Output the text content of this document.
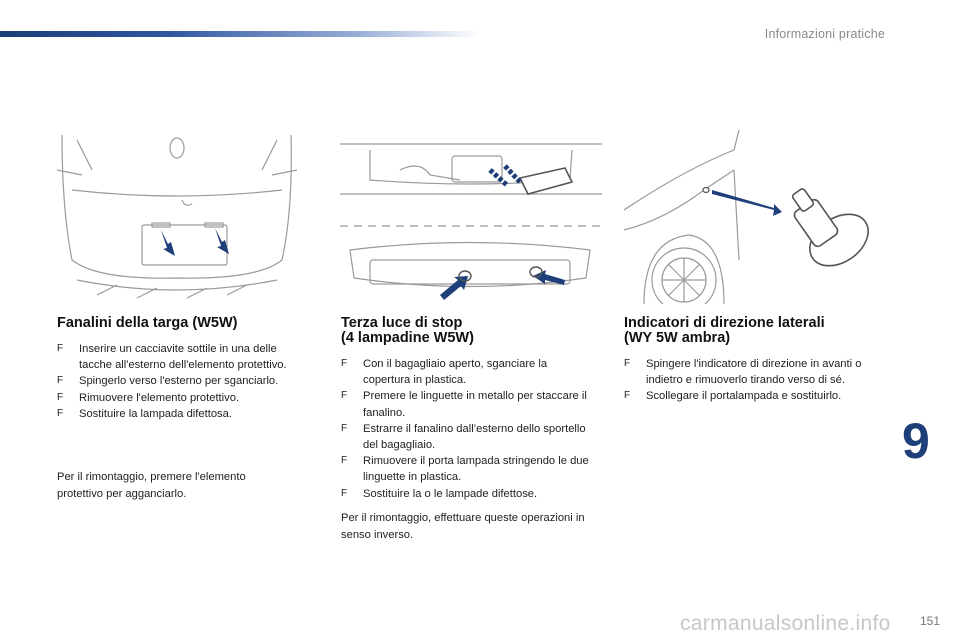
Informazioni pratiche
Fanalini della targa (W5W)
F Inserire un cacciavite sottile in una delle tacche all'esterno dell'elemento protettivo.
F Spingerlo verso l'esterno per sganciarlo.
F Rimuovere l'elemento protettivo.
F Sostituire la lampada difettosa.
Per il rimontaggio, premere l'elemento protettivo per agganciarlo.
Terza luce di stop
(4 lampadine W5W)
F Con il bagagliaio aperto, sganciare la copertura in plastica.
F Premere le linguette in metallo per staccare il fanalino.
F Estrarre il fanalino dall’esterno dello sportello del bagagliaio.
F Rimuovere il porta lampada stringendo le due linguette in plastica.
F Sostituire la o le lampade difettose.
Per il rimontaggio, effettuare queste operazioni in senso inverso.
Indicatori di direzione laterali
(WY 5W ambra)
F Spingere l'indicatore di direzione in avanti o indietro e rimuoverlo tirando verso di sé.
F Scollegare il portalampada e sostituirlo.
9
carmanualsonline.info 151
